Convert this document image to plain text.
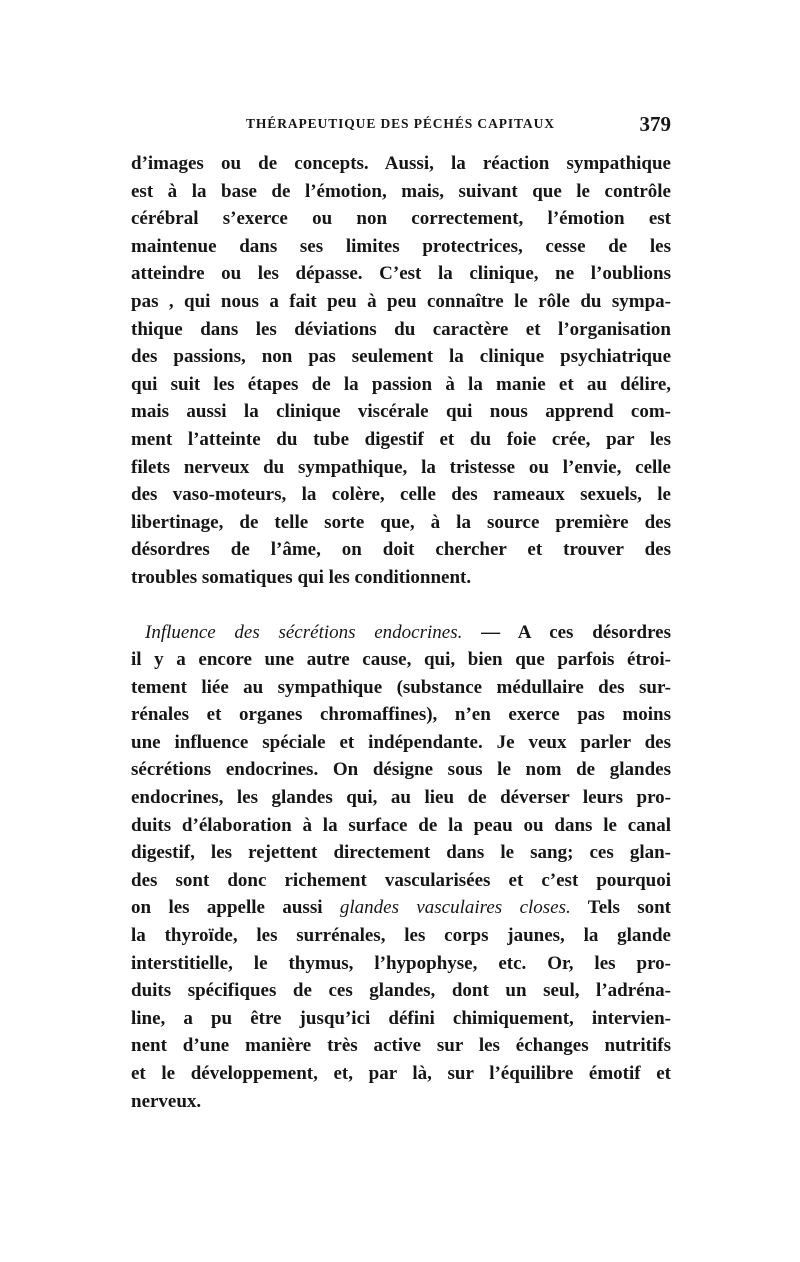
THÉRAPEUTIQUE DES PÉCHÉS CAPITAUX	379
d’images ou de concepts. Aussi, la réaction sympathique
est à la base de l’émotion, mais, suivant que le contrôle
cérébral s’exerce ou non correctement, l’émotion est
maintenue dans ses limites protectrices, cesse de les
atteindre ou les dépasse. C’est la clinique, ne l’oublions
pas , qui nous a fait peu à peu connaître le rôle du sympa-
thique dans les déviations du caractère et l’organisation
des passions, non pas seulement la clinique psychiatrique
qui suit les étapes de la passion à la manie et au délire,
mais aussi la clinique viscérale qui nous apprend com-
ment l’atteinte du tube digestif et du foie crée, par les
filets nerveux du sympathique, la tristesse ou l’envie, celle
des vaso-moteurs, la colère, celle des rameaux sexuels, le
libertinage, de telle sorte que, à la source première des
désordres de l’âme, on doit chercher et trouver des
troubles somatiques qui les conditionnent.
Influence des sécrétions endocrines. — A ces désordres
il y a encore une autre cause, qui, bien que parfois étroi-
tement liée au sympathique (substance médullaire des sur-
rénales et organes chromaffines), n’en exerce pas moins
une influence spéciale et indépendante. Je veux parler des
sécrétions endocrines. On désigne sous le nom de glandes
endocrines, les glandes qui, au lieu de déverser leurs pro-
duits d’élaboration à la surface de la peau ou dans le canal
digestif, les rejettent directement dans le sang; ces glan-
des sont donc richement vascularisées et c’est pourquoi
on les appelle aussi glandes vasculaires closes. Tels sont
la thyroïde, les surrénales, les corps jaunes, la glande
interstitielle, le thymus, l’hypophyse, etc. Or, les pro-
duits spécifiques de ces glandes, dont un seul, l’adréna-
line, a pu être jusqu’ici défini chimiquement, intervien-
nent d’une manière très active sur les échanges nutritifs
et le développement, et, par là, sur l’équilibre émotif et
nerveux.
